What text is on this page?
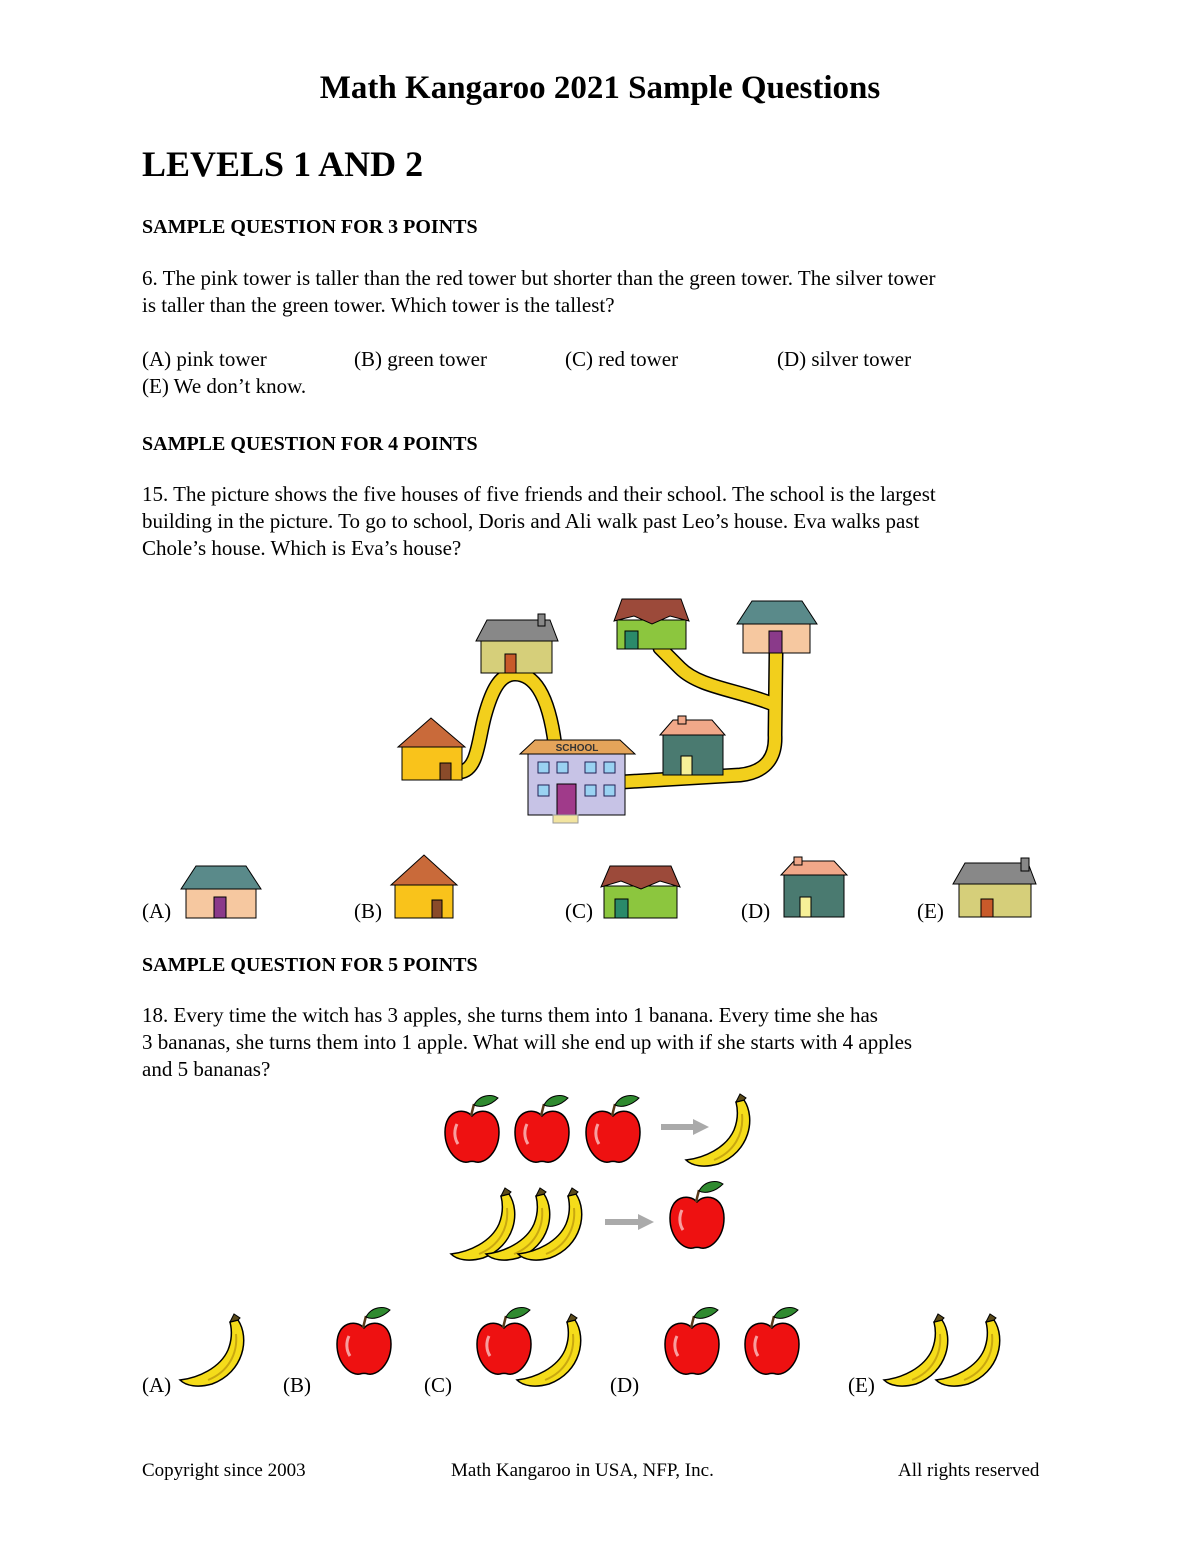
Math Kangaroo 2021 Sample Questions
LEVELS 1 AND 2
SAMPLE QUESTION FOR 3 POINTS
6. The pink tower is taller than the red tower but shorter than the green tower. The silver tower
is taller than the green tower. Which tower is the tallest?
(A) pink tower	(B) green tower	(C) red tower	(D) silver tower
(E) We don’t know.
SAMPLE QUESTION FOR 4 POINTS
15. The picture shows the five houses of five friends and their school. The school is the largest
building in the picture. To go to school, Doris and Ali walk past Leo’s house. Eva walks past
Chole’s house. Which is Eva’s house?
SCHOOL
(A)	(B)	(C)	(D)	(E)
SAMPLE QUESTION FOR 5 POINTS
18. Every time the witch has 3 apples, she turns them into 1 banana. Every time she has
3 bananas, she turns them into 1 apple. What will she end up with if she starts with 4 apples
and 5 bananas?
(A)	(B)	(C)	(D)	(E)
Copyright since 2003	Math Kangaroo in USA, NFP, Inc.	All rights reserved
